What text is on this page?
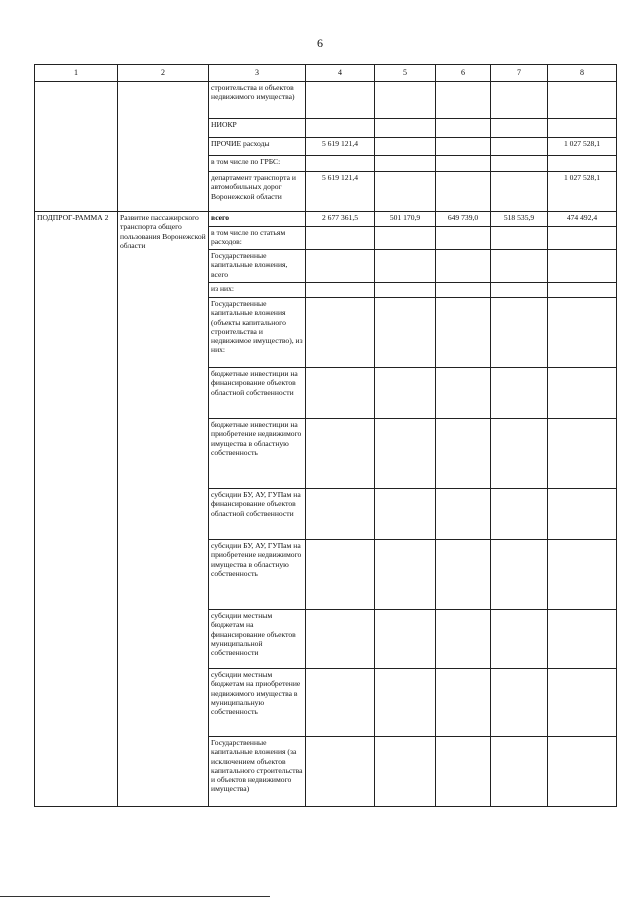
6
1	2	3	4	5	6	7	8
		строительства и объектов недвижимого имущества)					
		НИОКР					
		ПРОЧИЕ расходы	5 619 121,4				1 027 528,1
		в том числе по ГРБС:					
		департамент транспорта и автомобильных дорог Воронежской области	5 619 121,4				1 027 528,1
ПОДПРОГ-РАММА 2	Развитие пассажирского транспорта общего пользования Воронежской области	всего	2 677 361,5	501 170,9	649 739,0	518 535,9	474 492,4
		в том числе по статьям расходов:					
		Государственные капитальные вложения, всего					
		из них:					
		Государственные капитальные вложения (объекты капитального строительства и недвижимое имущество), из них:					
		бюджетные инвестиции на финансирование объектов областной собственности					
		бюджетные инвестиции на приобретение недвижимого имущества в областную собственность					
		субсидии БУ, АУ, ГУПам на финансирование объектов областной собственности					
		субсидии БУ, АУ, ГУПам на приобретение недвижимого имущества в областную собственность					
		субсидии местным бюджетам на финансирование объектов муниципальной собственности					
		субсидии местным бюджетам на приобретение недвижимого имущества в муниципальную собственность					
		Государственные капитальные вложения (за исключением объектов капитального строительства и объектов недвижимого имущества)					
